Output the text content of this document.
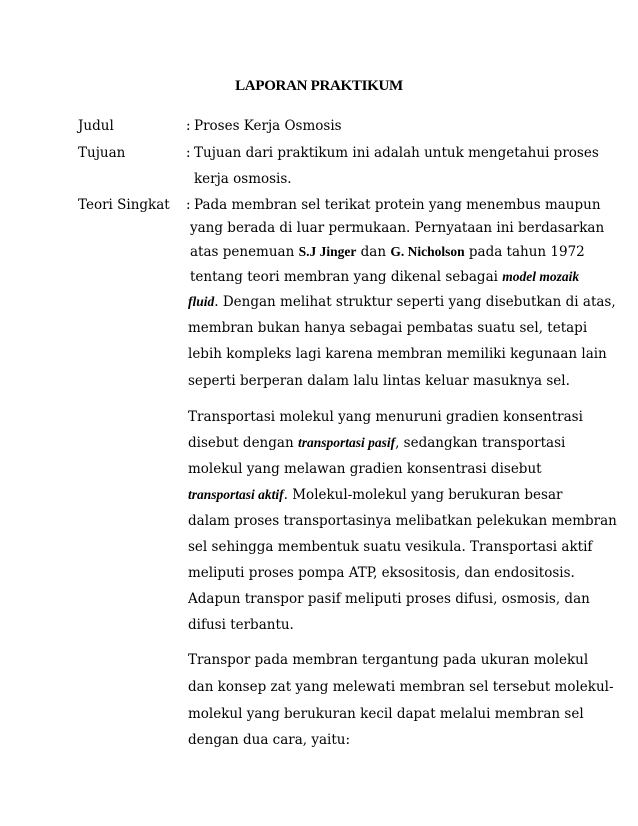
LAPORAN PRAKTIKUM
Judul	: Proses Kerja Osmosis
Tujuan	: Tujuan dari praktikum ini adalah untuk mengetahui proses
kerja osmosis.
Teori Singkat : Pada membran sel terikat protein yang menembus maupun
yang berada di luar permukaan. Pernyataan ini berdasarkan
atas penemuan S.J Jinger dan G. Nicholson pada tahun 1972
tentang teori membran yang dikenal sebagai model mozaik
fluid. Dengan melihat struktur seperti yang disebutkan di atas,
membran bukan hanya sebagai pembatas suatu sel, tetapi
lebih kompleks lagi karena membran memiliki kegunaan lain
seperti berperan dalam lalu lintas keluar masuknya sel.
Transportasi molekul yang menuruni gradien konsentrasi
disebut dengan transportasi pasif, sedangkan transportasi
molekul yang melawan gradien konsentrasi disebut
transportasi aktif. Molekul-molekul yang berukuran besar
dalam proses transportasinya melibatkan pelekukan membran
sel sehingga membentuk suatu vesikula. Transportasi aktif
meliputi proses pompa ATP, eksositosis, dan endositosis.
Adapun transpor pasif meliputi proses difusi, osmosis, dan
difusi terbantu.
Transpor pada membran tergantung pada ukuran molekul
dan konsep zat yang melewati membran sel tersebut molekul-
molekul yang berukuran kecil dapat melalui membran sel
dengan dua cara, yaitu:
